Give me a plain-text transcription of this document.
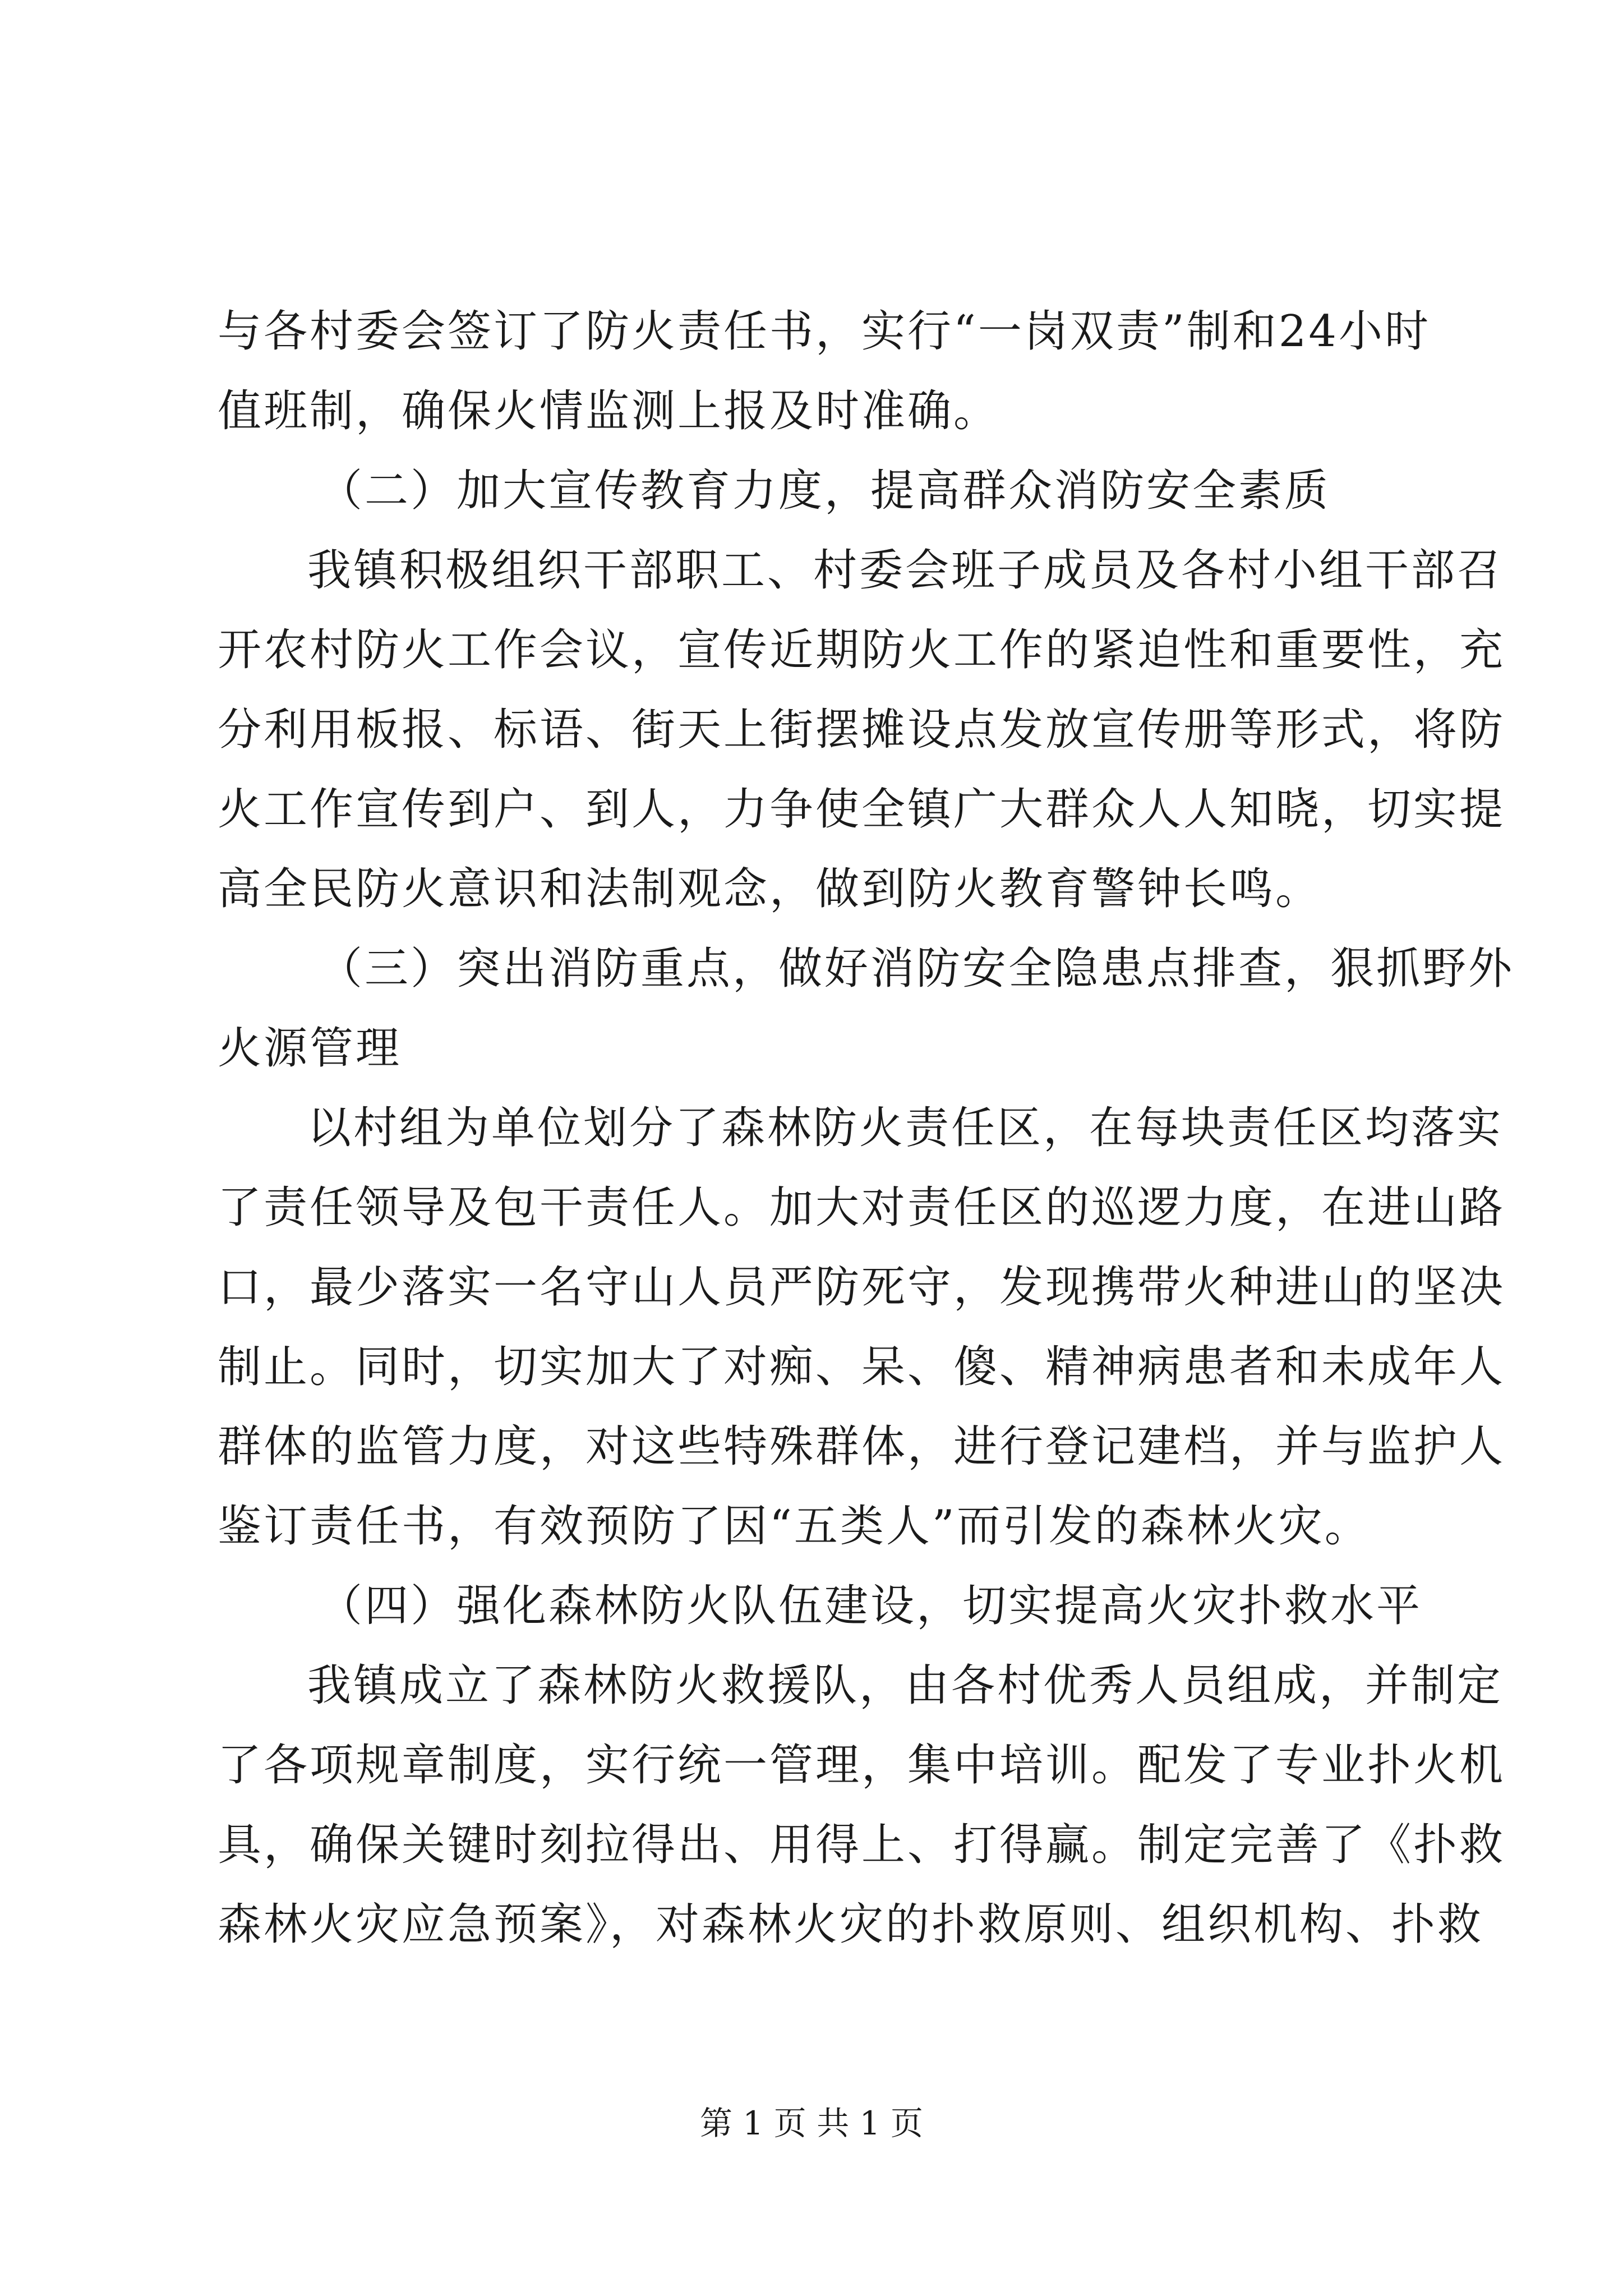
与各村委会签订了防火责任书，实行“一岗双责”制和24小时
值班制，确保火情监测上报及时准确。
（二）加大宣传教育力度，提高群众消防安全素质
我镇积极组织干部职工、村委会班子成员及各村小组干部召
开农村防火工作会议，宣传近期防火工作的紧迫性和重要性，充
分利用板报、标语、街天上街摆摊设点发放宣传册等形式，将防
火工作宣传到户、到人，力争使全镇广大群众人人知晓，切实提
高全民防火意识和法制观念，做到防火教育警钟长鸣。
（三）突出消防重点，做好消防安全隐患点排查，狠抓野外
火源管理
以村组为单位划分了森林防火责任区，在每块责任区均落实
了责任领导及包干责任人。加大对责任区的巡逻力度，在进山路
口，最少落实一名守山人员严防死守，发现携带火种进山的坚决
制止。同时，切实加大了对痴、呆、傻、精神病患者和未成年人
群体的监管力度，对这些特殊群体，进行登记建档，并与监护人
鉴订责任书，有效预防了因“五类人”而引发的森林火灾。
（四）强化森林防火队伍建设，切实提高火灾扑救水平
我镇成立了森林防火救援队，由各村优秀人员组成，并制定
了各项规章制度，实行统一管理，集中培训。配发了专业扑火机
具，确保关键时刻拉得出、用得上、打得赢。制定完善了《扑救
森林火灾应急预案》，对森林火灾的扑救原则、组织机构、扑救
第 1 页 共 1 页
